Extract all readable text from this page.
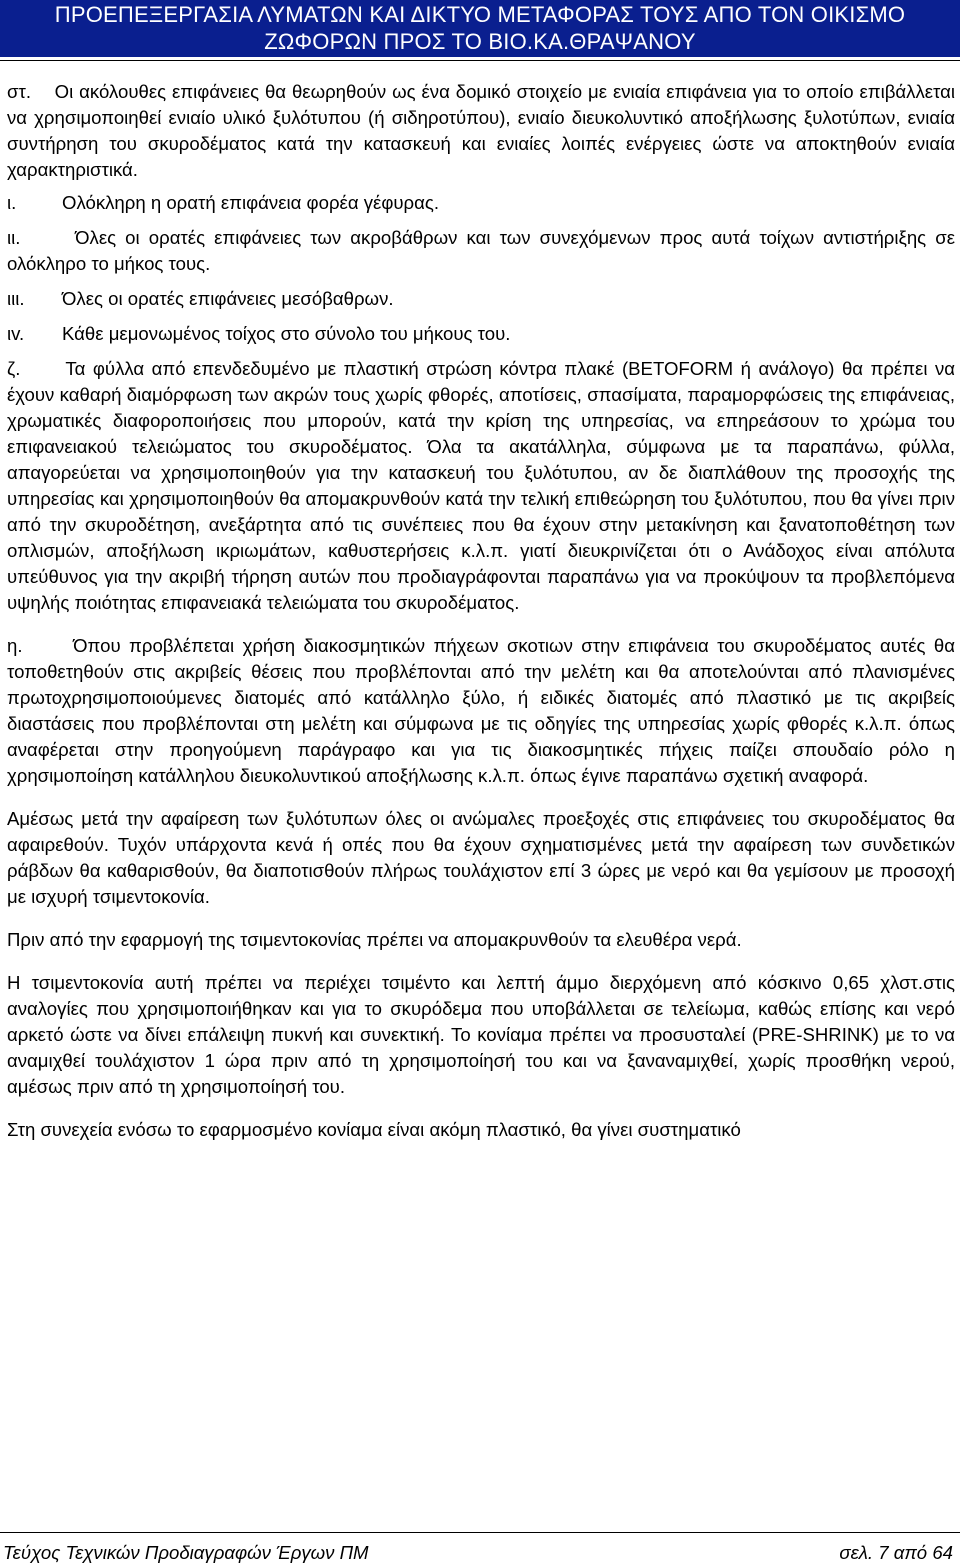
ΠΡΟΕΠΕΞΕΡΓΑΣΙΑ ΛΥΜΑΤΩΝ ΚΑΙ ΔΙΚΤΥΟ ΜΕΤΑΦΟΡΑΣ ΤΟΥΣ ΑΠΟ ΤΟΝ ΟΙΚΙΣΜΟ
ΖΩΦΟΡΩΝ ΠΡΟΣ ΤΟ ΒΙΟ.ΚΑ.ΘΡΑΨΑΝΟΥ

στ. Οι ακόλουθες επιφάνειες θα θεωρηθούν ως ένα δομικό στοιχείο με ενιαία επιφάνεια για το οποίο επιβάλλεται να χρησιμοποιηθεί ενιαίο υλικό ξυλότυπου (ή σιδηροτύπου), ενιαίο διευκολυντικό αποξήλωσης ξυλοτύπων, ενιαία συντήρηση του σκυροδέματος κατά την κατασκευή και ενιαίες λοιπές ενέργειες ώστε να αποκτηθούν ενιαία χαρακτηριστικά.

ι.	Ολόκληρη η ορατή επιφάνεια φορέα γέφυρας.

ιι.	Όλες οι ορατές επιφάνειες των ακροβάθρων και των συνεχόμενων προς αυτά τοίχων αντιστήριξης σε ολόκληρο το μήκος τους.

ιιι.	Όλες οι ορατές επιφάνειες μεσόβαθρων.
ιv.	Κάθε μεμονωμένος τοίχος στο σύνολο του μήκους του.

ζ. Τα φύλλα από επενδεδυμένο με πλαστική στρώση κόντρα πλακέ (BETOFORM ή ανάλογο) θα πρέπει να έχουν καθαρή διαμόρφωση των ακρών τους χωρίς φθορές, αποτίσεις, σπασίματα, παραμορφώσεις της επιφάνειας, χρωματικές διαφοροποιήσεις που μπορούν, κατά την κρίση της υπηρεσίας, να επηρεάσουν το χρώμα του επιφανειακού τελειώματος του σκυροδέματος. Όλα τα ακατάλληλα, σύμφωνα με τα παραπάνω, φύλλα, απαγορεύεται να χρησιμοποιηθούν για την κατασκευή του ξυλότυπου, αν δε διαπλάθουν της προσοχής της υπηρεσίας και χρησιμοποιηθούν θα απομακρυνθούν κατά την τελική επιθεώρηση του ξυλότυπου, που θα γίνει πριν από την σκυροδέτηση, ανεξάρτητα από τις συνέπειες που θα έχουν στην μετακίνηση και ξανατοποθέτηση των οπλισμών, αποξήλωση ικριωμάτων, καθυστερήσεις κ.λ.π. γιατί διευκρινίζεται ότι ο Ανάδοχος είναι απόλυτα υπεύθυνος για την ακριβή τήρηση αυτών που προδιαγράφονται παραπάνω για να προκύψουν τα προβλεπόμενα υψηλής ποιότητας επιφανειακά τελειώματα του σκυροδέματος.

η.	Όπου προβλέπεται χρήση διακοσμητικών πήχεων σκοτιων στην επιφάνεια του σκυροδέματος αυτές θα τοποθετηθούν στις ακριβείς θέσεις που προβλέπονται από την μελέτη και θα αποτελούνται από πλανισμένες πρωτοχρησιμοποιούμενες διατομές από κατάλληλο ξύλο, ή ειδικές διατομές από πλαστικό με τις ακριβείς διαστάσεις που προβλέπονται στη μελέτη και σύμφωνα με τις οδηγίες της υπηρεσίας χωρίς φθορές κ.λ.π. όπως αναφέρεται στην προηγούμενη παράγραφο και για τις διακοσμητικές πήχεις παίζει σπουδαίο ρόλο η χρησιμοποίηση κατάλληλου διευκολυντικού αποξήλωσης κ.λ.π. όπως έγινε παραπάνω σχετική αναφορά.

Αμέσως μετά την αφαίρεση των ξυλότυπων όλες οι ανώμαλες προεξοχές στις επιφάνειες του σκυροδέματος θα αφαιρεθούν. Τυχόν υπάρχοντα κενά ή οπές που θα έχουν σχηματισμένες μετά την αφαίρεση των συνδετικών ράβδων θα καθαρισθούν, θα διαποτισθούν πλήρως τουλάχιστον επί 3 ώρες με νερό και θα γεμίσουν με προσοχή με ισχυρή τσιμεντοκονία.

Πριν από την εφαρμογή της τσιμεντοκονίας πρέπει να απομακρυνθούν τα ελευθέρα νερά.

Η τσιμεντοκονία αυτή πρέπει να περιέχει τσιμέντο και λεπτή άμμο διερχόμενη από κόσκινο 0,65 χλστ.στις αναλογίες που χρησιμοποιήθηκαν και για το σκυρόδεμα που υποβάλλεται σε τελείωμα, καθώς επίσης και νερό αρκετό ώστε να δίνει επάλειψη πυκνή και συνεκτική. Το κονίαμα πρέπει να προσυσταλεί (PRE-SHRINK) με το να αναμιχθεί τουλάχιστον 1 ώρα πριν από τη χρησιμοποίησή του και να ξαναναμιχθεί, χωρίς προσθήκη νερού, αμέσως πριν από τη χρησιμοποίησή του.

Στη συνεχεία ενόσω το εφαρμοσμένο κονίαμα είναι ακόμη πλαστικό, θα γίνει συστηματικό

Τεύχος Τεχνικών Προδιαγραφών Έργων ΠΜ	σελ. 7 από 64
